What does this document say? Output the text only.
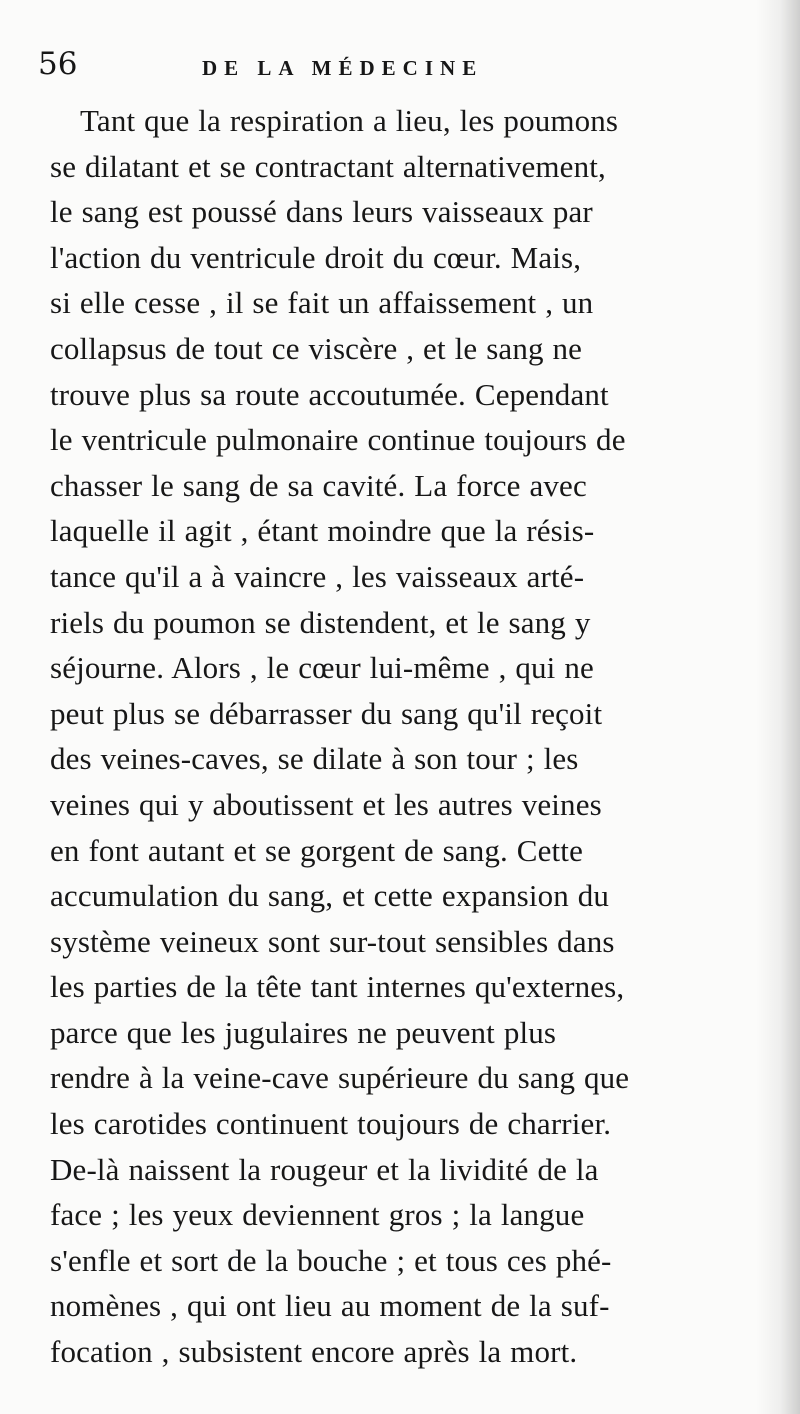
56	DE LA MÉDECINE
Tant que la respiration a lieu, les poumons
se dilatant et se contractant alternativement,
le sang est poussé dans leurs vaisseaux par
l'action du ventricule droit du cœur. Mais,
si elle cesse , il se fait un affaissement , un
collapsus de tout ce viscère , et le sang ne
trouve plus sa route accoutumée. Cependant
le ventricule pulmonaire continue toujours de
chasser le sang de sa cavité. La force avec
laquelle il agit , étant moindre que la résis-
tance qu'il a à vaincre , les vaisseaux arté-
riels du poumon se distendent, et le sang y
séjourne. Alors , le cœur lui-même , qui ne
peut plus se débarrasser du sang qu'il reçoit
des veines-caves, se dilate à son tour ; les
veines qui y aboutissent et les autres veines
en font autant et se gorgent de sang. Cette
accumulation du sang, et cette expansion du
système veineux sont sur-tout sensibles dans
les parties de la tête tant internes qu'externes,
parce que les jugulaires ne peuvent plus
rendre à la veine-cave supérieure du sang que
les carotides continuent toujours de charrier.
De-là naissent la rougeur et la lividité de la
face ; les yeux deviennent gros ; la langue
s'enfle et sort de la bouche ; et tous ces phé-
nomènes , qui ont lieu au moment de la suf-
focation , subsistent encore après la mort.
